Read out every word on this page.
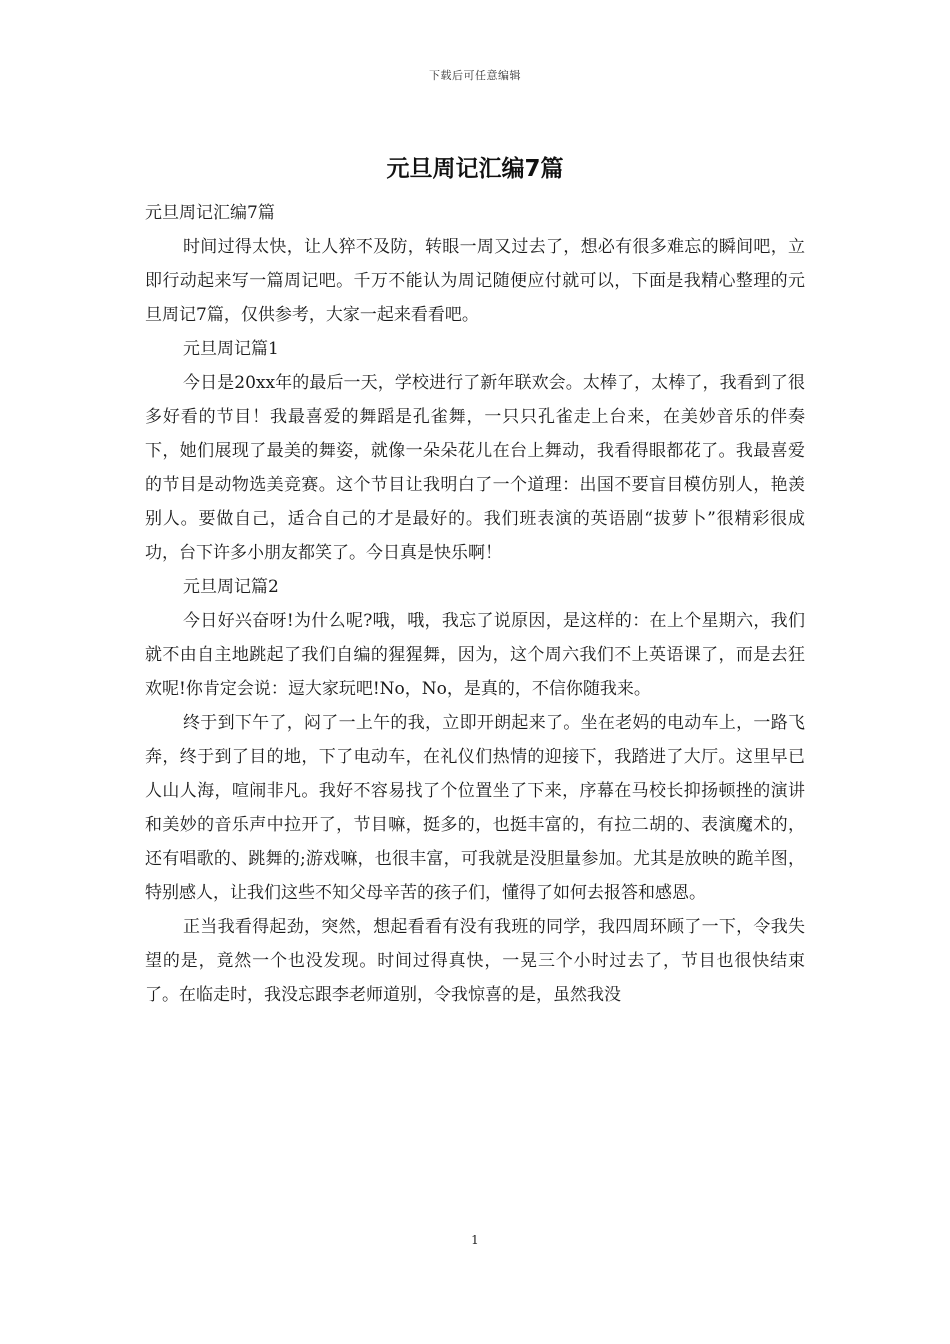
下载后可任意编辑
元旦周记汇编7篇

元旦周记汇编7篇

时间过得太快，让人猝不及防，转眼一周又过去了，想必有很多难忘的瞬间吧，立即行动起来写一篇周记吧。千万不能认为周记随便应付就可以，下面是我精心整理的元旦周记7篇，仅供参考，大家一起来看看吧。

元旦周记篇1

今日是20xx年的最后一天，学校进行了新年联欢会。太棒了，太棒了，我看到了很多好看的节目！我最喜爱的舞蹈是孔雀舞，一只只孔雀走上台来，在美妙音乐的伴奏下，她们展现了最美的舞姿，就像一朵朵花儿在台上舞动，我看得眼都花了。我最喜爱的节目是动物选美竞赛。这个节目让我明白了一个道理：出国不要盲目模仿别人，艳羡别人。要做自己，适合自己的才是最好的。我们班表演的英语剧“拔萝卜”很精彩很成功，台下许多小朋友都笑了。今日真是快乐啊！

元旦周记篇2

今日好兴奋呀!为什么呢?哦，哦，我忘了说原因，是这样的：在上个星期六，我们就不由自主地跳起了我们自编的猩猩舞，因为，这个周六我们不上英语课了，而是去狂欢呢!你肯定会说：逗大家玩吧!No，No，是真的，不信你随我来。

终于到下午了，闷了一上午的我，立即开朗起来了。坐在老妈的电动车上，一路飞奔，终于到了目的地，下了电动车，在礼仪们热情的迎接下，我踏进了大厅。这里早已人山人海，喧闹非凡。我好不容易找了个位置坐了下来，序幕在马校长抑扬顿挫的演讲和美妙的音乐声中拉开了，节目嘛，挺多的，也挺丰富的，有拉二胡的、表演魔术的，还有唱歌的、跳舞的;游戏嘛，也很丰富，可我就是没胆量参加。尤其是放映的跪羊图，特别感人，让我们这些不知父母辛苦的孩子们，懂得了如何去报答和感恩。

正当我看得起劲，突然，想起看看有没有我班的同学，我四周环顾了一下，令我失望的是，竟然一个也没发现。时间过得真快，一晃三个小时过去了，节目也很快结束了。在临走时，我没忘跟李老师道别，令我惊喜的是，虽然我没

1
